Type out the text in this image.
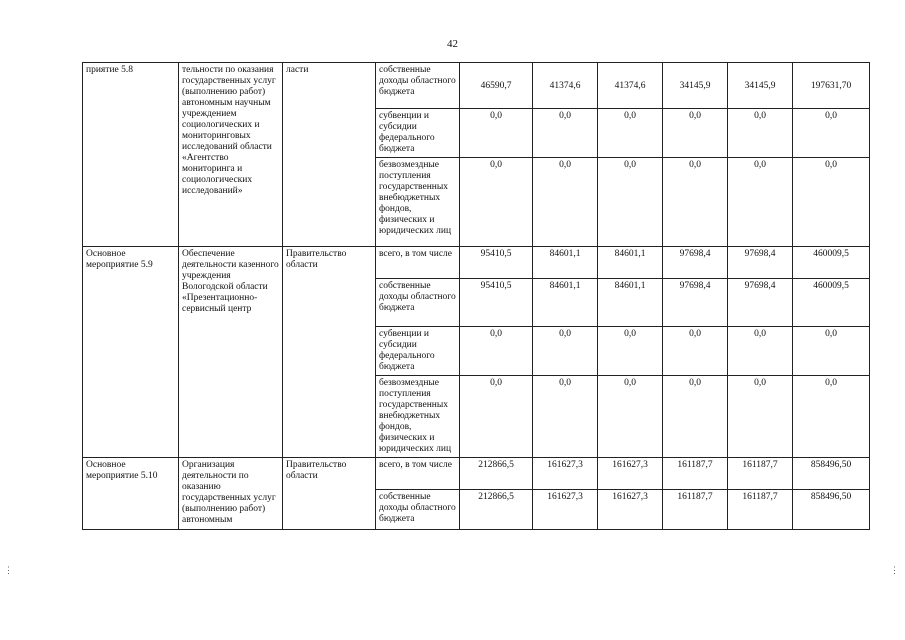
42
приятие 5.8	тельности по оказания государственных услуг (выполнению работ) автономным научным учреждением социологических и мониторинговых исследований области «Агентство мониторинга и социологических исследований»	ласти	собственные доходы областного бюджета	46590,7	41374,6	41374,6	34145,9	34145,9	197631,70
			субвенции и субсидии федерального бюджета	0,0	0,0	0,0	0,0	0,0	0,0
			безвозмездные поступления государственных внебюджетных фондов, физических и юридических лиц	0,0	0,0	0,0	0,0	0,0	0,0
Основное мероприятие 5.9	Обеспечение деятельности казенного учреждения Вологодской области «Презентационно-сервисный центр	Правительство области	всего, в том числе	95410,5	84601,1	84601,1	97698,4	97698,4	460009,5
			собственные доходы областного бюджета	95410,5	84601,1	84601,1	97698,4	97698,4	460009,5
			субвенции и субсидии федерального бюджета	0,0	0,0	0,0	0,0	0,0	0,0
			безвозмездные поступления государственных внебюджетных фондов, физических и юридических лиц	0,0	0,0	0,0	0,0	0,0	0,0
Основное мероприятие 5.10	Организация деятельности по оказанию государственных услуг (выполнению работ) автономным	Правительство области	всего, в том числе	212866,5	161627,3	161627,3	161187,7	161187,7	858496,50
			собственные доходы областного бюджета	212866,5	161627,3	161627,3	161187,7	161187,7	858496,50
⋮	⋮
